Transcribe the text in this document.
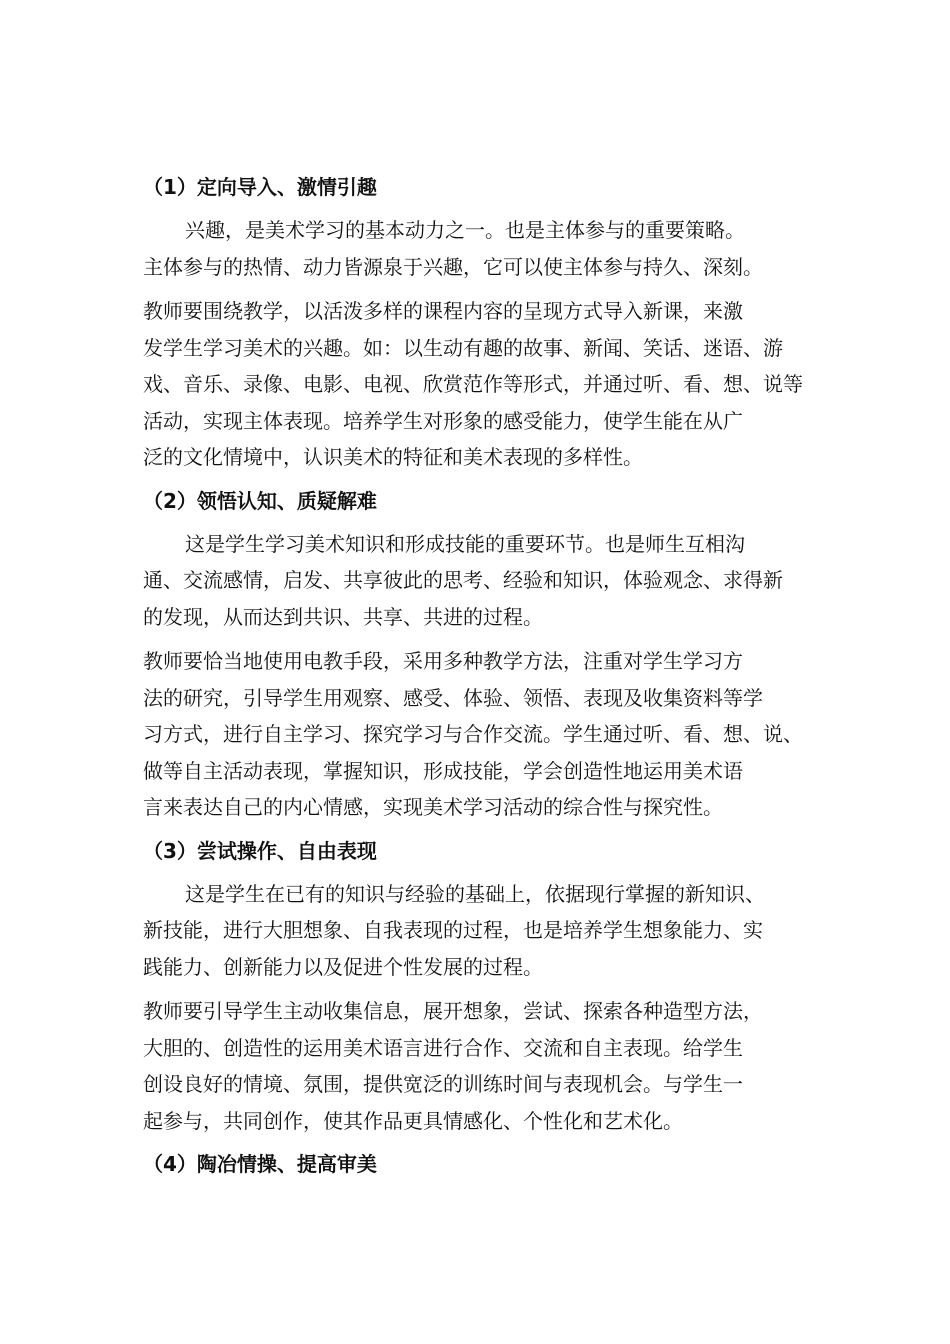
（1）定向导入、激情引趣

兴趣，是美术学习的基本动力之一。也是主体参与的重要策略。
主体参与的热情、动力皆源泉于兴趣，它可以使主体参与持久、深刻。

教师要围绕教学，以活泼多样的课程内容的呈现方式导入新课，来激
发学生学习美术的兴趣。如：以生动有趣的故事、新闻、笑话、迷语、游
戏、音乐、录像、电影、电视、欣赏范作等形式，并通过听、看、想、说等
活动，实现主体表现。培养学生对形象的感受能力，使学生能在从广
泛的文化情境中，认识美术的特征和美术表现的多样性。

（2）领悟认知、质疑解难

这是学生学习美术知识和形成技能的重要环节。也是师生互相沟
通、交流感情，启发、共享彼此的思考、经验和知识，体验观念、求得新
的发现，从而达到共识、共享、共进的过程。

教师要恰当地使用电教手段，采用多种教学方法，注重对学生学习方
法的研究，引导学生用观察、感受、体验、领悟、表现及收集资料等学
习方式，进行自主学习、探究学习与合作交流。学生通过听、看、想、说、
做等自主活动表现，掌握知识，形成技能，学会创造性地运用美术语
言来表达自己的内心情感，实现美术学习活动的综合性与探究性。

（3）尝试操作、自由表现

这是学生在已有的知识与经验的基础上，依据现行掌握的新知识、
新技能，进行大胆想象、自我表现的过程，也是培养学生想象能力、实
践能力、创新能力以及促进个性发展的过程。

教师要引导学生主动收集信息，展开想象，尝试、探索各种造型方法，
大胆的、创造性的运用美术语言进行合作、交流和自主表现。给学生
创设良好的情境、氛围，提供宽泛的训练时间与表现机会。与学生一
起参与，共同创作，使其作品更具情感化、个性化和艺术化。

（4）陶冶情操、提高审美
